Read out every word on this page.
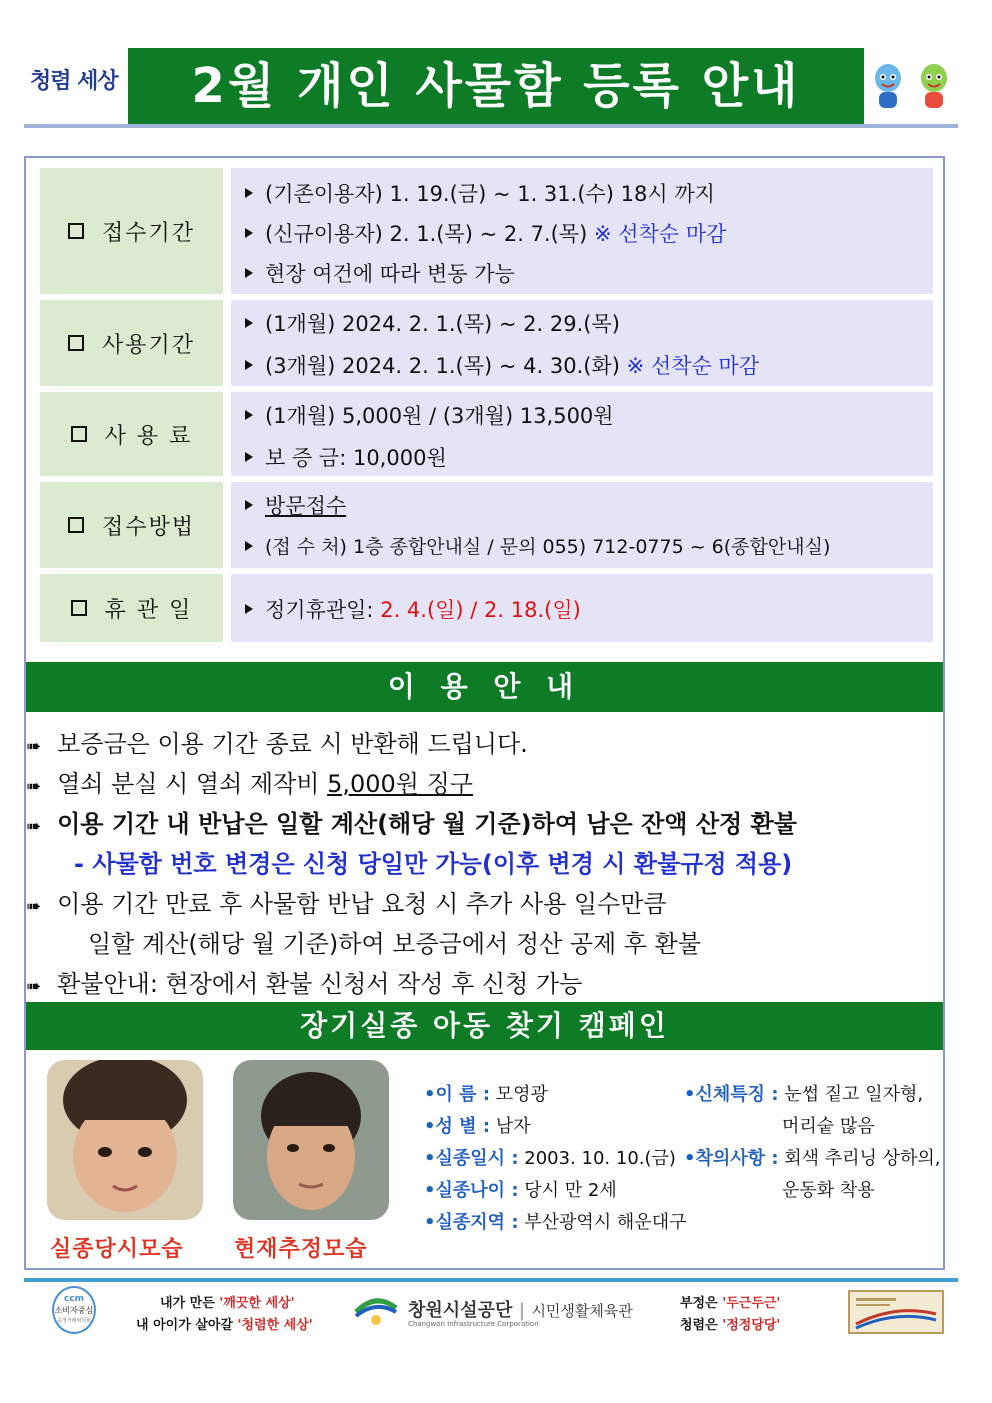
청렴 세상	2월 개인 사물함 등록 안내
접수기간
(기존이용자) 1. 19.(금) ~ 1. 31.(수) 18시 까지
(신규이용자) 2. 1.(목) ~ 2. 7.(목) ※ 선착순 마감
현장 여건에 따라 변동 가능
사용기간
(1개월) 2024. 2. 1.(목) ~ 2. 29.(목)
(3개월) 2024. 2. 1.(목) ~ 4. 30.(화) ※ 선착순 마감
사 용 료
(1개월) 5,000원 / (3개월) 13,500원
보 증 금: 10,000원
접수방법
방문접수
(접 수 처) 1층 종합안내실 / 문의 055) 712-0775 ~ 6(종합안내실)
휴 관 일	정기휴관일: 2. 4.(일) / 2. 18.(일)
이 용 안 내
➠ 보증금은 이용 기간 종료 시 반환해 드립니다.
➠ 열쇠 분실 시 열쇠 제작비 5,000원 징구
➠ 이용 기간 내 반납은 일할 계산(해당 월 기준)하여 남은 잔액 산정 환불
- 사물함 번호 변경은 신청 당일만 가능(이후 변경 시 환불규정 적용)
➠ 이용 기간 만료 후 사물함 반납 요청 시 추가 사용 일수만큼
일할 계산(해당 월 기준)하여 보증금에서 정산 공제 후 환불
➠ 환불안내: 현장에서 환불 신청서 작성 후 신청 가능
장기실종 아동 찾기 캠페인
실종당시모습 현재추정모습
•이 름 : 모영광
•성 별 : 남자
•실종일시 : 2003. 10. 10.(금)
•실종나이 : 당시 만 2세
•실종지역 : 부산광역시 해운대구
•신체특징 : 눈썹 짙고 일자형,
머리숱 많음
•착의사항 : 회색 추리닝 상하의,
운동화 착용
ccm
소비자중심
공정거래위원회
내가 만든 '깨끗한 세상'
내 아이가 살아갈 '청렴한 세상'
창원시설공단 | 시민생활체육관
Changwon Infrastructure Corporation
부정은 '두근두근'
청렴은 '정정당당'
